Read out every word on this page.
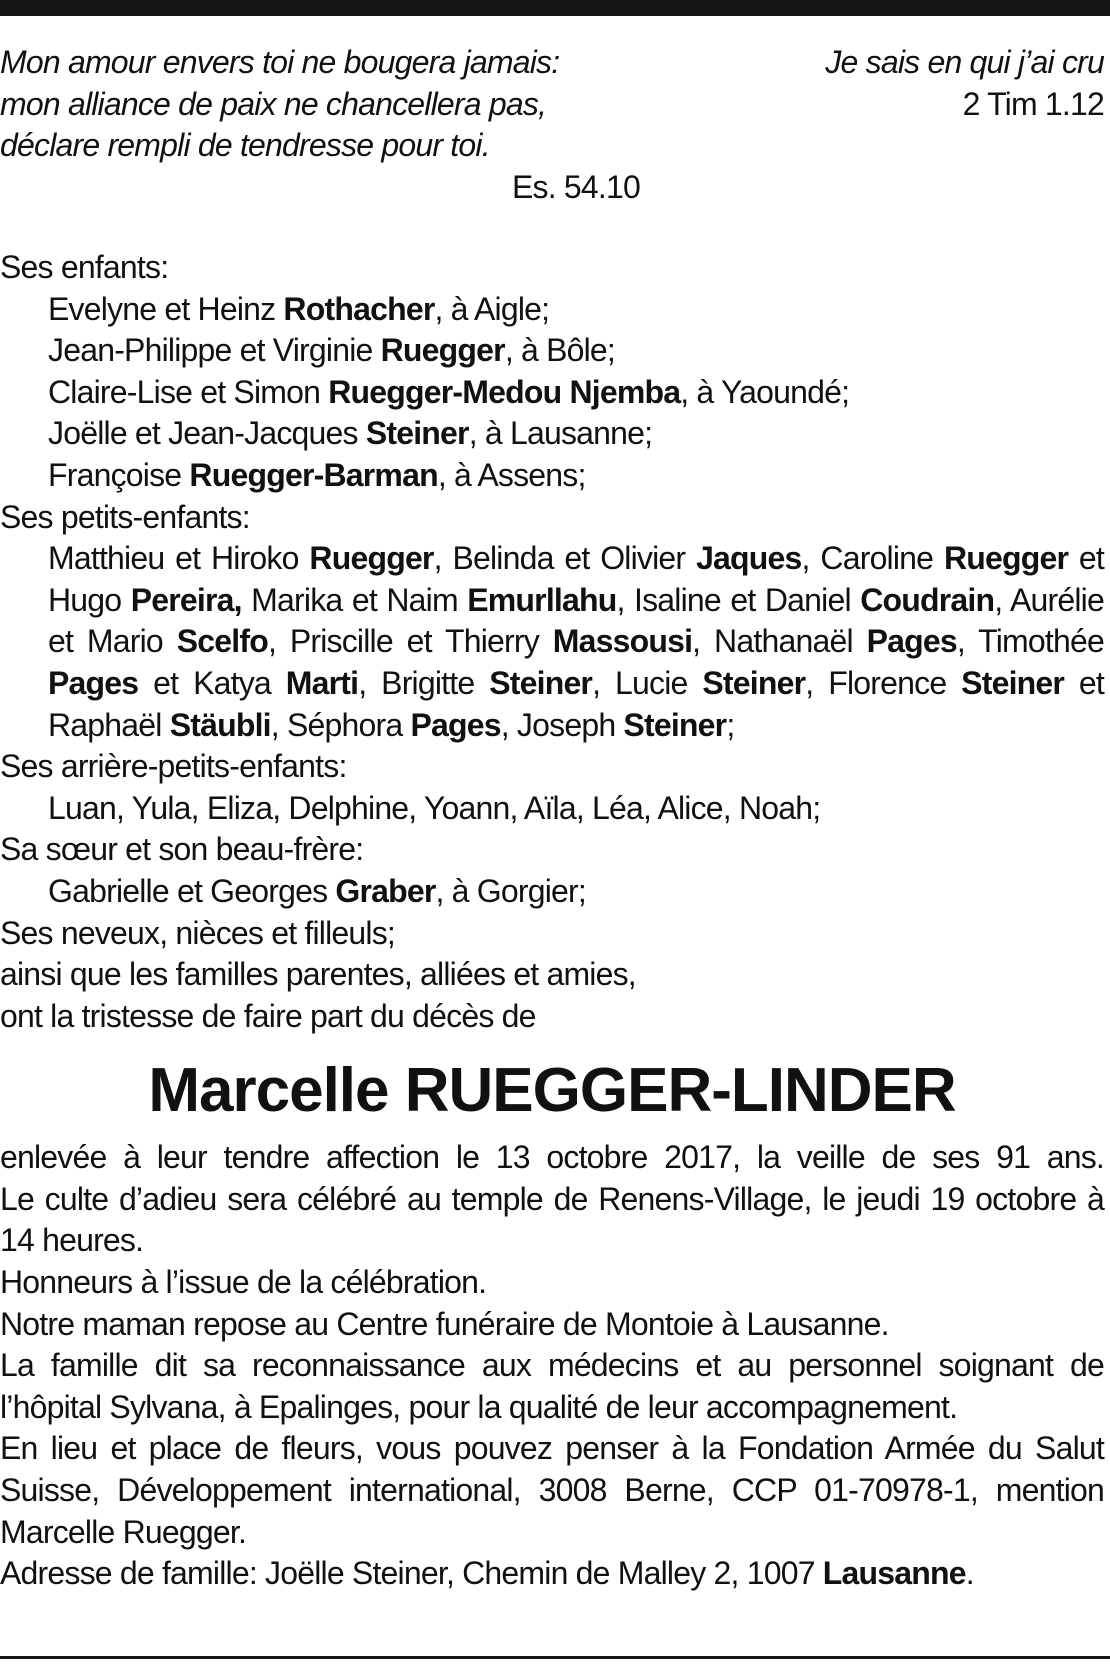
Mon amour envers toi ne bougera jamais:

mon alliance de paix ne chancellera pas,

déclare rempli de tendresse pour toi.

Es. 54.10

Je sais en qui j’ai cru

2 Tim 1.12

Ses enfants:

Evelyne et Heinz Rothacher, à Aigle;

Jean-Philippe et Virginie Ruegger, à Bôle;

Claire-Lise et Simon Ruegger-Medou Njemba, à Yaoundé;

Joëlle et Jean-Jacques Steiner, à Lausanne;

Françoise Ruegger-Barman, à Assens;

Ses petits-enfants:

Matthieu et Hiroko Ruegger, Belinda et Olivier Jaques, Caroline Ruegger et Hugo Pereira, Marika et Naim Emurllahu, Isaline et Daniel Coudrain, Aurélie et Mario Scelfo, Priscille et Thierry Massousi, Nathanaël Pages, Timothée Pages et Katya Marti, Brigitte Steiner, Lucie Steiner, Florence Steiner et Raphaël Stäubli, Séphora Pages, Joseph Steiner;

Ses arrière-petits-enfants:

Luan, Yula, Eliza, Delphine, Yoann, Aïla, Léa, Alice, Noah;

Sa sœur et son beau-frère:

Gabrielle et Georges Graber, à Gorgier;

Ses neveux, nièces et filleuls;

ainsi que les familles parentes, alliées et amies,

ont la tristesse de faire part du décès de

Marcelle RUEGGER-LINDER

enlevée à leur tendre affection le 13 octobre 2017, la veille de ses 91 ans.

Le culte d’adieu sera célébré au temple de Renens-Village, le jeudi 19 octobre à 14 heures.

Honneurs à l’issue de la célébration.

Notre maman repose au Centre funéraire de Montoie à Lausanne.

La famille dit sa reconnaissance aux médecins et au personnel soignant de l’hôpital Sylvana, à Epalinges, pour la qualité de leur accompagnement.

En lieu et place de fleurs, vous pouvez penser à la Fondation Armée du Salut Suisse, Développement international, 3008 Berne, CCP 01-70978-1, mention Marcelle Ruegger.

Adresse de famille: Joëlle Steiner, Chemin de Malley 2, 1007 Lausanne.
